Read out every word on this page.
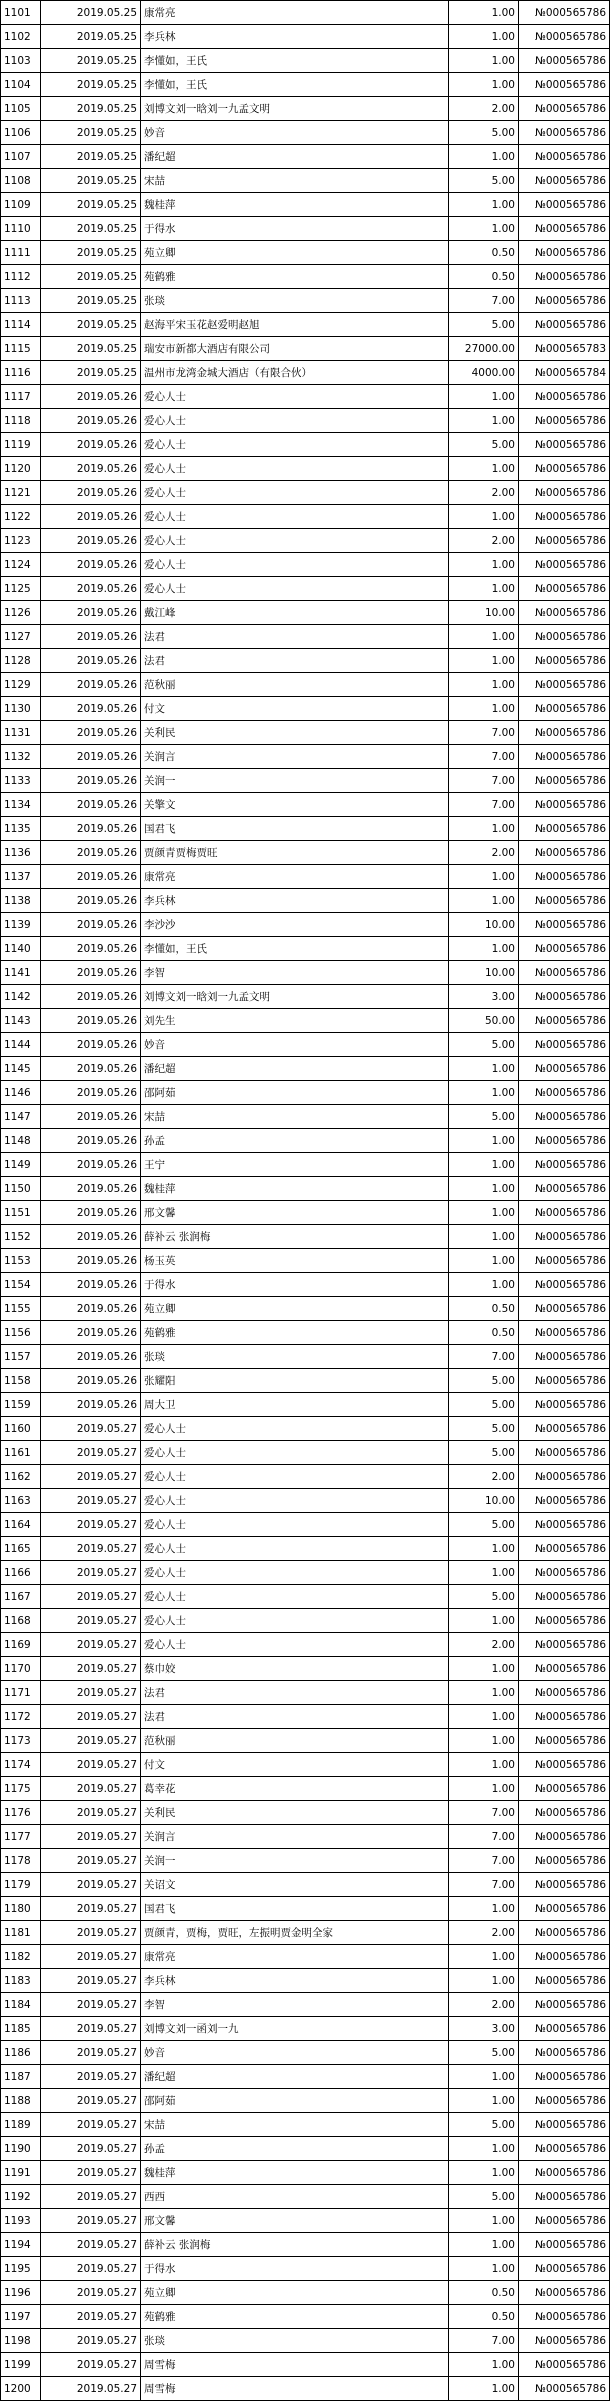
1101	2019.05.25	康常亮	1.00	№000565786
1102	2019.05.25	李兵林	1.00	№000565786
1103	2019.05.25	李懂如，王氏	1.00	№000565786
1104	2019.05.25	李懂如，王氏	1.00	№000565786
1105	2019.05.25	刘博文刘一晗刘一九孟文明	2.00	№000565786
1106	2019.05.25	妙音	5.00	№000565786
1107	2019.05.25	潘纪超	1.00	№000565786
1108	2019.05.25	宋喆	5.00	№000565786
1109	2019.05.25	魏桂萍	1.00	№000565786
1110	2019.05.25	于得水	1.00	№000565786
1111	2019.05.25	苑立卿	0.50	№000565786
1112	2019.05.25	苑鹤雅	0.50	№000565786
1113	2019.05.25	张琰	7.00	№000565786
1114	2019.05.25	赵海平宋玉花赵爱明赵旭	5.00	№000565786
1115	2019.05.25	瑞安市新都大酒店有限公司	27000.00	№000565783
1116	2019.05.25	温州市龙湾金城大酒店（有限合伙）	4000.00	№000565784
1117	2019.05.26	爱心人士	1.00	№000565786
1118	2019.05.26	爱心人士	1.00	№000565786
1119	2019.05.26	爱心人士	5.00	№000565786
1120	2019.05.26	爱心人士	1.00	№000565786
1121	2019.05.26	爱心人士	2.00	№000565786
1122	2019.05.26	爱心人士	1.00	№000565786
1123	2019.05.26	爱心人士	2.00	№000565786
1124	2019.05.26	爱心人士	1.00	№000565786
1125	2019.05.26	爱心人士	1.00	№000565786
1126	2019.05.26	戴江峰	10.00	№000565786
1127	2019.05.26	法君	1.00	№000565786
1128	2019.05.26	法君	1.00	№000565786
1129	2019.05.26	范秋丽	1.00	№000565786
1130	2019.05.26	付文	1.00	№000565786
1131	2019.05.26	关利民	7.00	№000565786
1132	2019.05.26	关润言	7.00	№000565786
1133	2019.05.26	关润一	7.00	№000565786
1134	2019.05.26	关擎文	7.00	№000565786
1135	2019.05.26	国君飞	1.00	№000565786
1136	2019.05.26	贾颜青贾梅贾旺	2.00	№000565786
1137	2019.05.26	康常亮	1.00	№000565786
1138	2019.05.26	李兵林	1.00	№000565786
1139	2019.05.26	李沙沙	10.00	№000565786
1140	2019.05.26	李懂如，王氏	1.00	№000565786
1141	2019.05.26	李智	10.00	№000565786
1142	2019.05.26	刘博文刘一晗刘一九孟文明	3.00	№000565786
1143	2019.05.26	刘先生	50.00	№000565786
1144	2019.05.26	妙音	5.00	№000565786
1145	2019.05.26	潘纪超	1.00	№000565786
1146	2019.05.26	邵阿茹	1.00	№000565786
1147	2019.05.26	宋喆	5.00	№000565786
1148	2019.05.26	孙孟	1.00	№000565786
1149	2019.05.26	王宁	1.00	№000565786
1150	2019.05.26	魏桂萍	1.00	№000565786
1151	2019.05.26	邢文馨	1.00	№000565786
1152	2019.05.26	薛补云 张润梅	1.00	№000565786
1153	2019.05.26	杨玉英	1.00	№000565786
1154	2019.05.26	于得水	1.00	№000565786
1155	2019.05.26	苑立卿	0.50	№000565786
1156	2019.05.26	苑鹤雅	0.50	№000565786
1157	2019.05.26	张琰	7.00	№000565786
1158	2019.05.26	张耀阳	5.00	№000565786
1159	2019.05.26	周大卫	5.00	№000565786
1160	2019.05.27	爱心人士	5.00	№000565786
1161	2019.05.27	爱心人士	5.00	№000565786
1162	2019.05.27	爱心人士	2.00	№000565786
1163	2019.05.27	爱心人士	10.00	№000565786
1164	2019.05.27	爱心人士	5.00	№000565786
1165	2019.05.27	爱心人士	1.00	№000565786
1166	2019.05.27	爱心人士	1.00	№000565786
1167	2019.05.27	爱心人士	5.00	№000565786
1168	2019.05.27	爱心人士	1.00	№000565786
1169	2019.05.27	爱心人士	2.00	№000565786
1170	2019.05.27	蔡巾姣	1.00	№000565786
1171	2019.05.27	法君	1.00	№000565786
1172	2019.05.27	法君	1.00	№000565786
1173	2019.05.27	范秋丽	1.00	№000565786
1174	2019.05.27	付文	1.00	№000565786
1175	2019.05.27	葛幸花	1.00	№000565786
1176	2019.05.27	关利民	7.00	№000565786
1177	2019.05.27	关润言	7.00	№000565786
1178	2019.05.27	关润一	7.00	№000565786
1179	2019.05.27	关诏文	7.00	№000565786
1180	2019.05.27	国君飞	1.00	№000565786
1181	2019.05.27	贾颜青，贾梅，贾旺，左振明贾金明全家	2.00	№000565786
1182	2019.05.27	康常亮	1.00	№000565786
1183	2019.05.27	李兵林	1.00	№000565786
1184	2019.05.27	李智	2.00	№000565786
1185	2019.05.27	刘博文刘一函刘一九	3.00	№000565786
1186	2019.05.27	妙音	5.00	№000565786
1187	2019.05.27	潘纪超	1.00	№000565786
1188	2019.05.27	邵阿茹	1.00	№000565786
1189	2019.05.27	宋喆	5.00	№000565786
1190	2019.05.27	孙孟	1.00	№000565786
1191	2019.05.27	魏桂萍	1.00	№000565786
1192	2019.05.27	西西	5.00	№000565786
1193	2019.05.27	邢文馨	1.00	№000565786
1194	2019.05.27	薛补云 张润梅	1.00	№000565786
1195	2019.05.27	于得水	1.00	№000565786
1196	2019.05.27	苑立卿	0.50	№000565786
1197	2019.05.27	苑鹤雅	0.50	№000565786
1198	2019.05.27	张琰	7.00	№000565786
1199	2019.05.27	周雪梅	1.00	№000565786
1200	2019.05.27	周雪梅	1.00	№000565786
